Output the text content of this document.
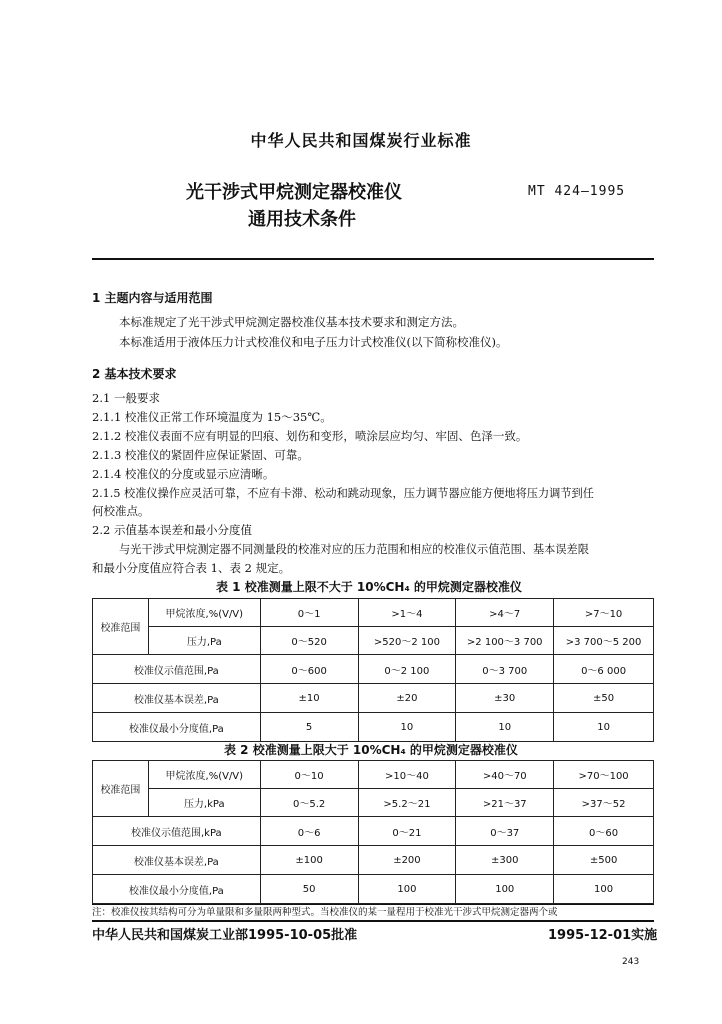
中华人民共和国煤炭行业标准
光干涉式甲烷测定器校准仪
通用技术条件
MT 424—1995
1 主题内容与适用范围
本标准规定了光干涉式甲烷测定器校准仪基本技术要求和测定方法。
本标准适用于液体压力计式校准仪和电子压力计式校准仪(以下简称校准仪)。
2 基本技术要求
2.1 一般要求
2.1.1 校准仪正常工作环境温度为 15～35℃。
2.1.2 校准仪表面不应有明显的凹痕、划伤和变形，喷涂层应均匀、牢固、色泽一致。
2.1.3 校准仪的紧固件应保证紧固、可靠。
2.1.4 校准仪的分度或显示应清晰。
2.1.5 校准仪操作应灵活可靠，不应有卡滞、松动和跳动现象，压力调节器应能方便地将压力调节到任
何校准点。
2.2 示值基本误差和最小分度值
与光干涉式甲烷测定器不同测量段的校准对应的压力范围和相应的校准仪示值范围、基本误差限
和最小分度值应符合表 1、表 2 规定。
表 1 校准测量上限不大于 10%CH₄ 的甲烷测定器校准仪
校准范围	甲烷浓度,%(V/V)	0～1	>1～4	>4～7	>7～10
	压力,Pa	0～520	>520～2 100	>2 100～3 700	>3 700～5 200
校准仪示值范围,Pa		0～600	0～2 100	0～3 700	0～6 000
校准仪基本误差,Pa		±10	±20	±30	±50
校准仪最小分度值,Pa		5	10	10	10
表 2 校准测量上限大于 10%CH₄ 的甲烷测定器校准仪
校准范围	甲烷浓度,%(V/V)	0～10	>10～40	>40～70	>70～100
	压力,kPa	0～5.2	>5.2～21	>21～37	>37～52
校准仪示值范围,kPa		0～6	0～21	0～37	0～60
校准仪基本误差,Pa		±100	±200	±300	±500
校准仪最小分度值,Pa		50	100	100	100
注：校准仪按其结构可分为单量限和多量限两种型式。当校准仪的某一量程用于校准光干涉式甲烷测定器两个或
中华人民共和国煤炭工业部1995-10-05批准	1995-12-01实施
243
